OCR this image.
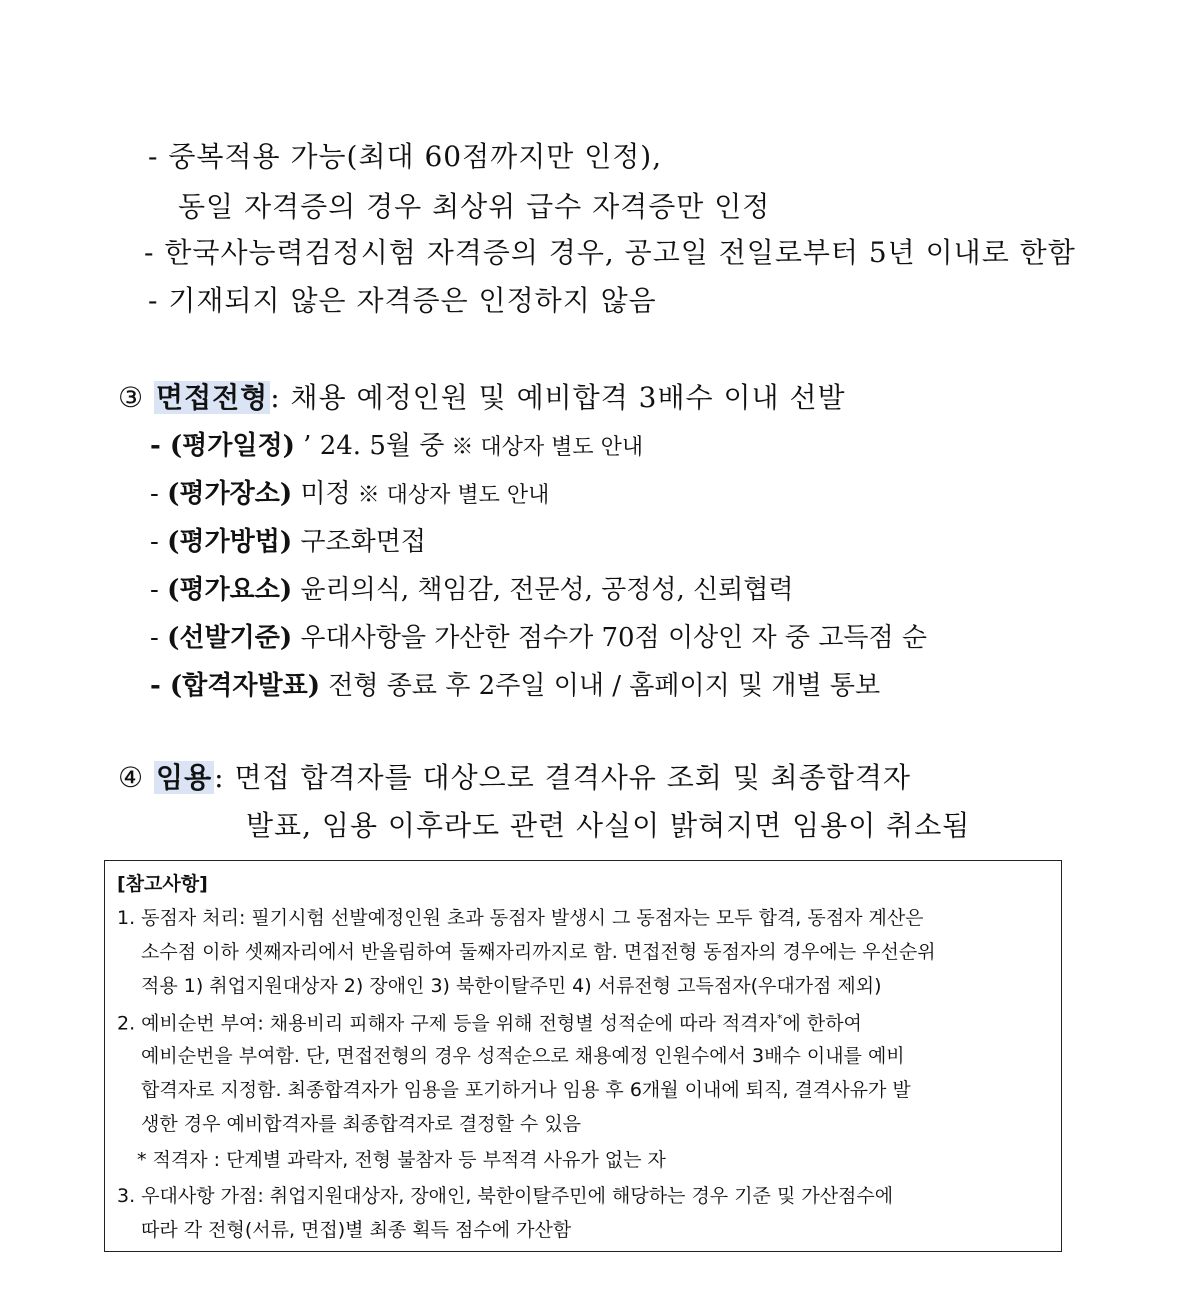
- 중복적용 가능(최대 60점까지만 인정),
동일 자격증의 경우 최상위 급수 자격증만 인정
- 한국사능력검정시험 자격증의 경우, 공고일 전일로부터 5년 이내로 한함
- 기재되지 않은 자격증은 인정하지 않음
③ 면접전형: 채용 예정인원 및 예비합격 3배수 이내 선발
- (평가일정) ’ 24. 5월 중 ※ 대상자 별도 안내
- (평가장소) 미정 ※ 대상자 별도 안내
- (평가방법) 구조화면접
- (평가요소) 윤리의식, 책임감, 전문성, 공정성, 신뢰협력
- (선발기준) 우대사항을 가산한 점수가 70점 이상인 자 중 고득점 순
- (합격자발표) 전형 종료 후 2주일 이내 / 홈페이지 및 개별 통보
④ 임용: 면접 합격자를 대상으로 결격사유 조회 및 최종합격자
발표, 임용 이후라도 관련 사실이 밝혀지면 임용이 취소됨
[참고사항]
1. 동점자 처리: 필기시험 선발예정인원 초과 동점자 발생시 그 동점자는 모두 합격, 동점자 계산은
소수점 이하 셋째자리에서 반올림하여 둘째자리까지로 함. 면접전형 동점자의 경우에는 우선순위
적용 1) 취업지원대상자 2) 장애인 3) 북한이탈주민 4) 서류전형 고득점자(우대가점 제외)
2. 예비순번 부여: 채용비리 피해자 구제 등을 위해 전형별 성적순에 따라 적격자*에 한하여
예비순번을 부여함. 단, 면접전형의 경우 성적순으로 채용예정 인원수에서 3배수 이내를 예비
합격자로 지정함. 최종합격자가 임용을 포기하거나 임용 후 6개월 이내에 퇴직, 결격사유가 발
생한 경우 예비합격자를 최종합격자로 결정할 수 있음
* 적격자 : 단계별 과락자, 전형 불참자 등 부적격 사유가 없는 자
3. 우대사항 가점: 취업지원대상자, 장애인, 북한이탈주민에 해당하는 경우 기준 및 가산점수에
따라 각 전형(서류, 면접)별 최종 획득 점수에 가산함
